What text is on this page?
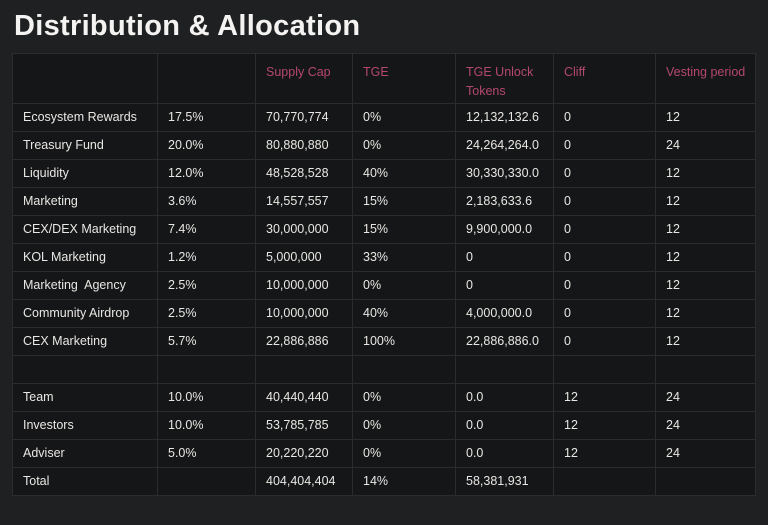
Distribution & Allocation
		Supply Cap	TGE	TGE Unlock Tokens	Cliff	Vesting period
Ecosystem Rewards	17.5%	70,770,774	0%	12,132,132.6	0	12
Treasury Fund	20.0%	80,880,880	0%	24,264,264.0	0	24
Liquidity	12.0%	48,528,528	40%	30,330,330.0	0	12
Marketing	3.6%	14,557,557	15%	2,183,633.6	0	12
CEX/DEX Marketing	7.4%	30,000,000	15%	9,900,000.0	0	12
KOL Marketing	1.2%	5,000,000	33%	0	0	12
Marketing  Agency	2.5%	10,000,000	0%	0	0	12
Community Airdrop	2.5%	10,000,000	40%	4,000,000.0	0	12
CEX Marketing	5.7%	22,886,886	100%	22,886,886.0	0	12

Team	10.0%	40,440,440	0%	0.0	12	24
Investors	10.0%	53,785,785	0%	0.0	12	24
Adviser	5.0%	20,220,220	0%	0.0	12	24
Total		404,404,404	14%	58,381,931		
